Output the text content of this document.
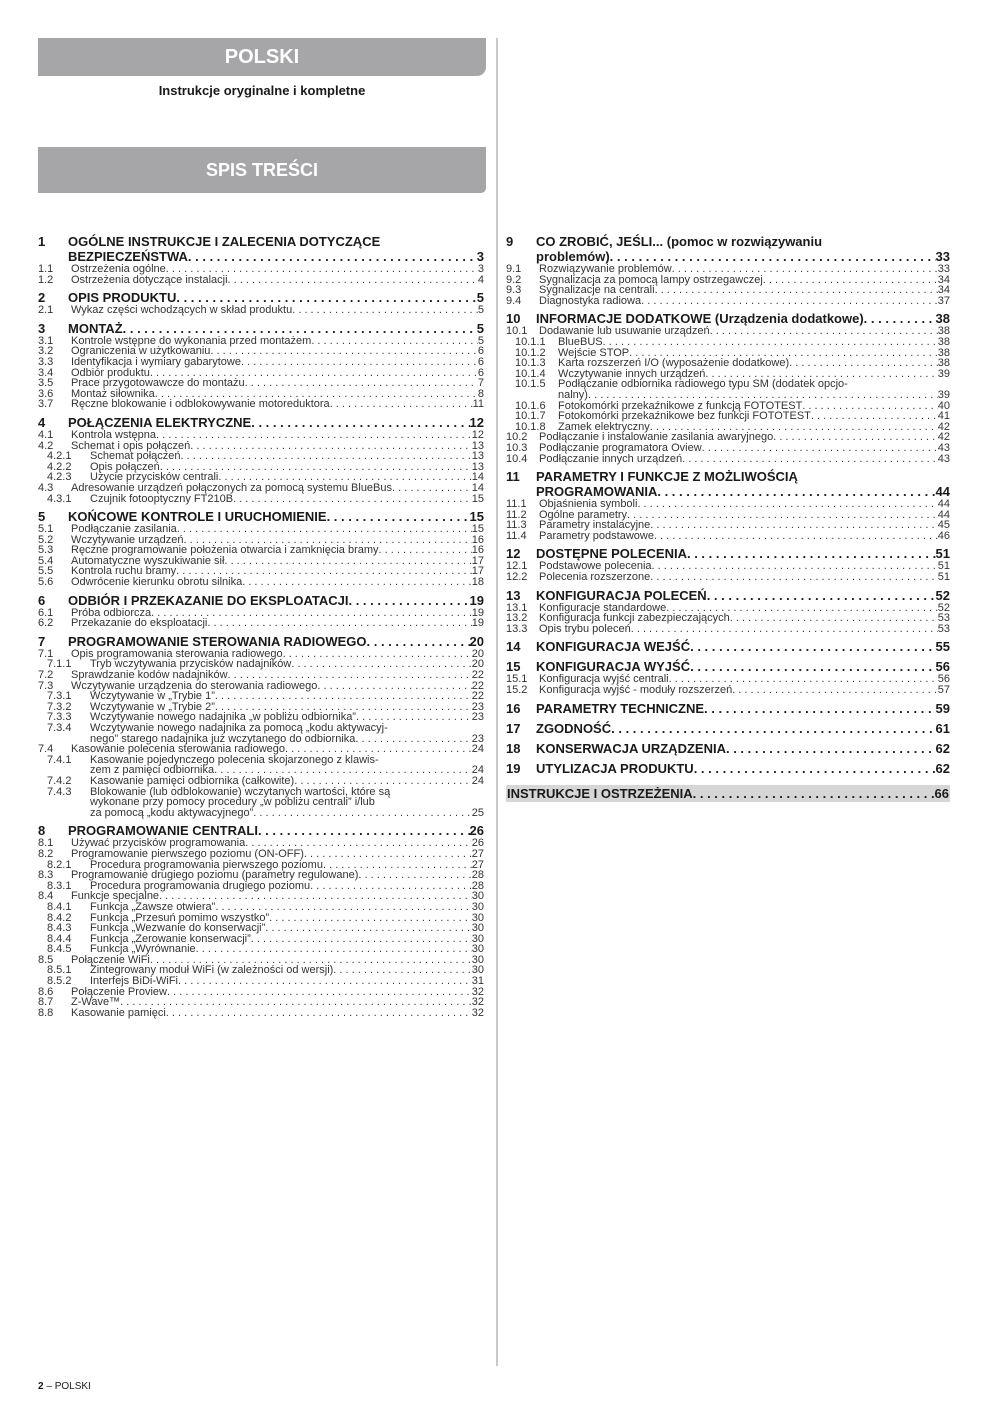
POLSKI
Instrukcje oryginalne i kompletne
SPIS TREŚCI
1	OGÓLNE INSTRUKCJE I ZALECENIA DOTYCZĄCE
BEZPIECZEŃSTWA . . .	3
1.1	Ostrzeżenia ogólne . . .	3
1.2	Ostrzeżenia dotyczące instalacji . . .	4
2	OPIS PRODUKTU . . .	5
2.1	Wykaz części wchodzących w skład produktu . . .	5
3	MONTAŻ . . .	5
3.1	Kontrole wstępne do wykonania przed montażem . . .	5
3.2	Ograniczenia w użytkowaniu . . .	6
3.3	Identyfikacja i wymiary gabarytowe . . .	6
3.4	Odbiór produktu . . .	6
3.5	Prace przygotowawcze do montażu . . .	7
3.6	Montaż siłownika . . .	8
3.7	Ręczne blokowanie i odblokowywanie motoreduktora . . .	11
4	POŁĄCZENIA ELEKTRYCZNE . . .	12
4.1	Kontrola wstępna . . .	12
4.2	Schemat i opis połączeń . . .	13
4.2.1	Schemat połączeń . . .	13
4.2.2	Opis połączeń . . .	13
4.2.3	Użycie przycisków centrali . . .	14
4.3	Adresowanie urządzeń połączonych za pomocą systemu BlueBus . . .	14
4.3.1	Czujnik fotooptyczny FT210B . . .	15
5	KOŃCOWE KONTROLE I URUCHOMIENIE . . .	15
5.1	Podłączanie zasilania . . .	15
5.2	Wczytywanie urządzeń . . .	16
5.3	Ręczne programowanie położenia otwarcia i zamknięcia bramy . . .	16
5.4	Automatyczne wyszukiwanie sił . . .	17
5.5	Kontrola ruchu bramy . . .	17
5.6	Odwrócenie kierunku obrotu silnika . . .	18
6	ODBIÓR I PRZEKAZANIE DO EKSPLOATACJI . . .	19
6.1	Próba odbiorcza . . .	19
6.2	Przekazanie do eksploatacji . . .	19
7	PROGRAMOWANIE STEROWANIA RADIOWEGO . . .	20
7.1	Opis programowania sterowania radiowego . . .	20
7.1.1	Tryb wczytywania przycisków nadajników . . .	20
7.2	Sprawdzanie kodów nadajników . . .	22
7.3	Wczytywanie urządzenia do sterowania radiowego . . .	22
7.3.1	Wczytywanie w „Trybie 1” . . .	22
7.3.2	Wczytywanie w „Trybie 2” . . .	23
7.3.3	Wczytywanie nowego nadajnika „w pobliżu odbiornika” . . .	23
7.3.4	Wczytywanie nowego nadajnika za pomocą „kodu aktywacyj-
nego” starego nadajnika już wczytanego do odbiornika . . .	23
7.4	Kasowanie polecenia sterowania radiowego . . .	24
7.4.1	Kasowanie pojedynczego polecenia skojarzonego z klawis-
zem z pamięci odbiornika . . .	24
7.4.2	Kasowanie pamięci odbiornika (całkowite) . . .	24
7.4.3	Blokowanie (lub odblokowanie) wczytanych wartości, które są
wykonane przy pomocy procedury „w pobliżu centrali” i/lub
za pomocą „kodu aktywacyjnego” . . .	25
8	PROGRAMOWANIE CENTRALI . . .	26
8.1	Używać przycisków programowania . . .	26
8.2	Programowanie pierwszego poziomu (ON-OFF) . . .	27
8.2.1	Procedura programowania pierwszego poziomu . . .	27
8.3	Programowanie drugiego poziomu (parametry regulowane) . . .	28
8.3.1	Procedura programowania drugiego poziomu . . .	28
8.4	Funkcje specjalne . . .	30
8.4.1	Funkcja „Zawsze otwiera” . . .	30
8.4.2	Funkcja „Przesuń pomimo wszystko” . . .	30
8.4.3	Funkcja „Wezwanie do konserwacji” . . .	30
8.4.4	Funkcja „Zerowanie konserwacji” . . .	30
8.4.5	Funkcja „Wyrównanie . . .	30
8.5	Połączenie WiFi . . .	30
8.5.1	Zintegrowany moduł WiFi (w zależności od wersji) . . .	30
8.5.2	Interfejs BiDi-WiFi . . .	31
8.6	Połączenie Proview . . .	32
8.7	Z-Wave™ . . .	32
8.8	Kasowanie pamięci . . .	32
9	CO ZROBIĆ, JEŚLI... (pomoc w rozwiązywaniu
problemów) . . .	33
9.1	Rozwiązywanie problemów . . .	33
9.2	Sygnalizacja za pomocą lampy ostrzegawczej . . .	34
9.3	Sygnalizacje na centrali . . .	34
9.4	Diagnostyka radiowa . . .	37
10	INFORMACJE DODATKOWE (Urządzenia dodatkowe) . . .	38
10.1	Dodawanie lub usuwanie urządzeń . . .	38
10.1.1	BlueBUS . . .	38
10.1.2	Wejście STOP . . .	38
10.1.3	Karta rozszerzeń I/O (wyposażenie dodatkowe) . . .	38
10.1.4	Wczytywanie innych urządzeń . . .	39
10.1.5	Podłączanie odbiornika radiowego typu SM (dodatek opcjo-
nalny) . . .	39
10.1.6	Fotokomórki przekaźnikowe z funkcją FOTOTEST . . .	40
10.1.7	Fotokomórki przekaźnikowe bez funkcji FOTOTEST . . .	41
10.1.8	Zamek elektryczny . . .	42
10.2	Podłączanie i instalowanie zasilania awaryjnego . . .	42
10.3	Podłączanie programatora Oview . . .	43
10.4	Podłączanie innych urządzeń . . .	43
11	PARAMETRY I FUNKCJE Z MOŻLIWOŚCIĄ
PROGRAMOWANIA . . .	44
11.1	Objaśnienia symboli . . .	44
11.2	Ogólne parametry . . .	44
11.3	Parametry instalacyjne . . .	45
11.4	Parametry podstawowe . . .	46
12	DOSTĘPNE POLECENIA . . .	51
12.1	Podstawowe polecenia . . .	51
12.2	Polecenia rozszerzone . . .	51
13	KONFIGURACJA POLECEŃ . . .	52
13.1	Konfiguracje standardowe . . .	52
13.2	Konfiguracja funkcji zabezpieczających . . .	53
13.3	Opis trybu poleceń . . .	53
14	KONFIGURACJA WEJŚĆ . . .	55
15	KONFIGURACJA WYJŚĆ . . .	56
15.1	Konfiguracja wyjść centrali . . .	56
15.2	Konfiguracja wyjść - moduły rozszerzeń . . .	57
16	PARAMETRY TECHNICZNE . . .	59
17	ZGODNOŚĆ . . .	61
18	KONSERWACJA URZĄDZENIA . . .	62
19	UTYLIZACJA PRODUKTU . . .	62
INSTRUKCJE I OSTRZEŻENIA . . .	66
2 – POLSKI
